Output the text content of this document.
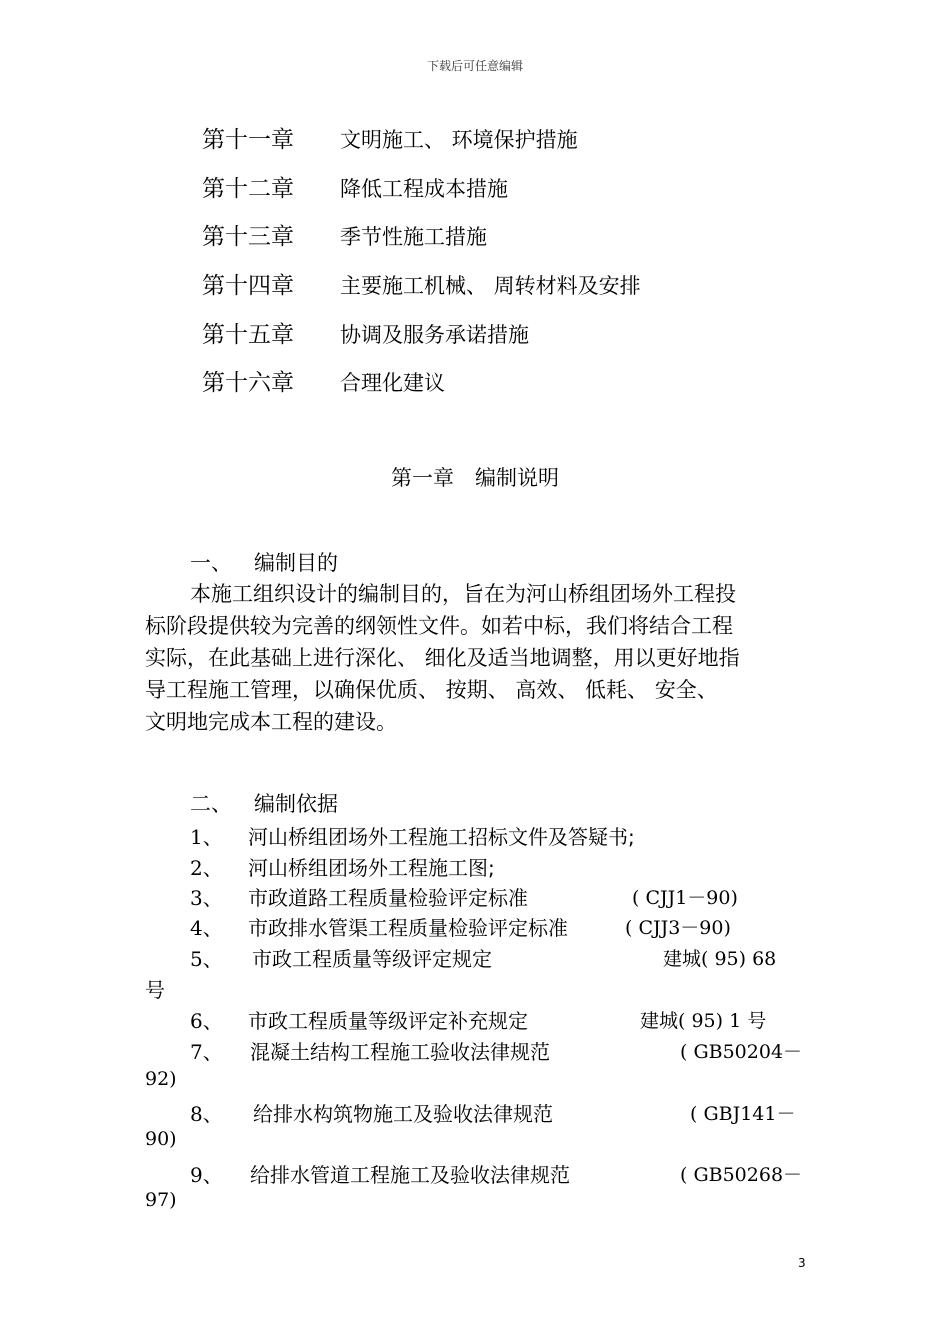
下载后可任意编辑
第十一章 文明施工、 环境保护措施
第十二章 降低工程成本措施
第十三章 季节性施工措施
第十四章 主要施工机械、 周转材料及安排
第十五章 协调及服务承诺措施
第十六章 合理化建议
第一章　编制说明
一、 编制目的
本施工组织设计的编制目的，旨在为河山桥组团场外工程投
标阶段提供较为完善的纲领性文件。如若中标，我们将结合工程
实际，在此基础上进行深化、 细化及适当地调整，用以更好地指
导工程施工管理，以确保优质、 按期、 高效、 低耗、 安全、
文明地完成本工程的建设。
二、 编制依据
1、 河山桥组团场外工程施工招标文件及答疑书;
2、 河山桥组团场外工程施工图;
3、 市政道路工程质量检验评定标准	( CJJ1－90)
4、 市政排水管渠工程质量检验评定标准	( CJJ3－90)
5、 市政工程质量等级评定规定	建城( 95) 68
号
6、 市政工程质量等级评定补充规定	建城( 95) 1 号
7、 混凝土结构工程施工验收法律规范	( GB50204－
92)
8、 给排水构筑物施工及验收法律规范	( GBJ141－
90)
9、 给排水管道工程施工及验收法律规范	( GB50268－
97)
3
